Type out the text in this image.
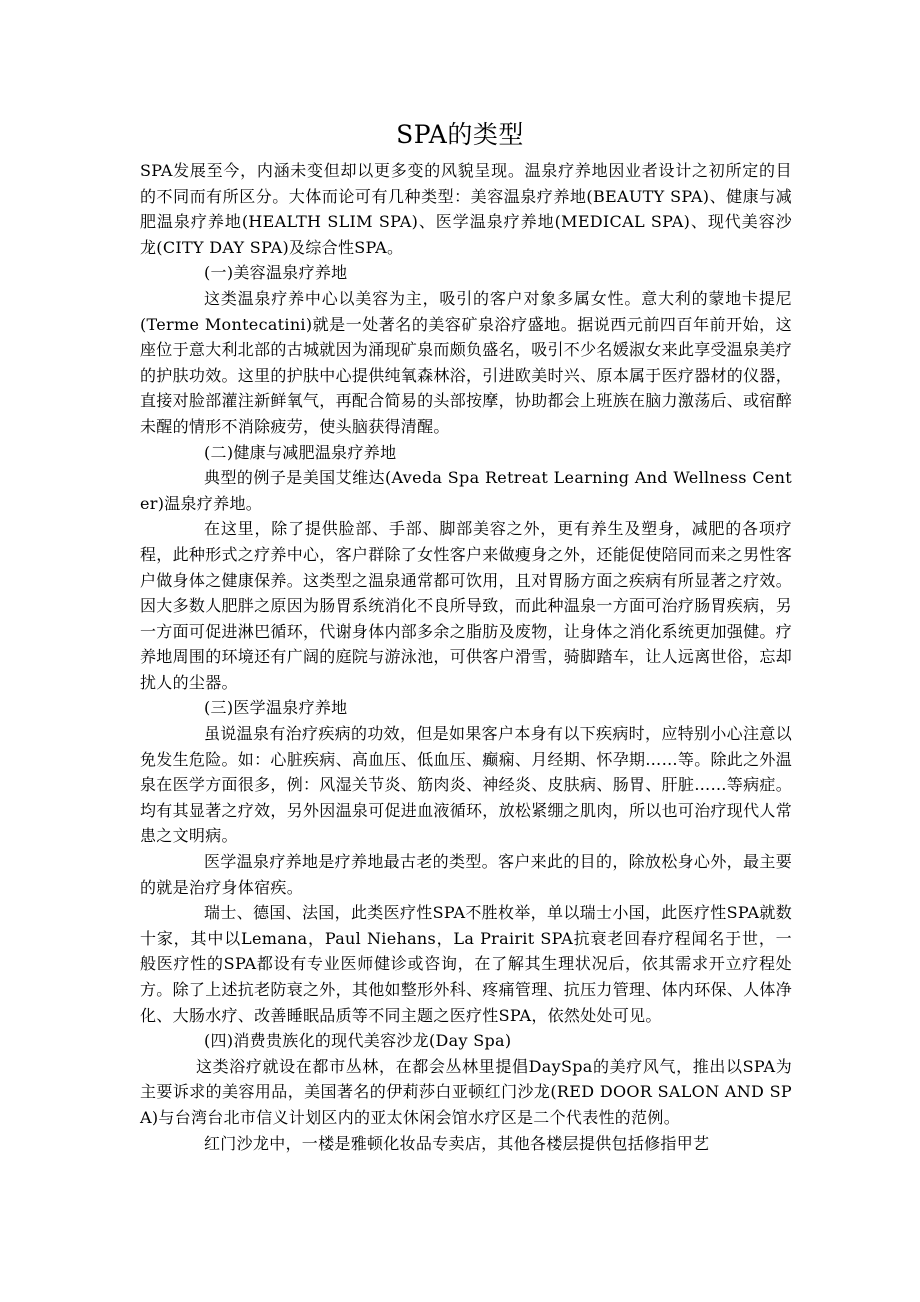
SPA的类型

SPA发展至今，内涵未变但却以更多变的风貌呈现。温泉疗养地因业者设计之初所定的目的不同而有所区分。大体而论可有几种类型：美容温泉疗养地(BEAUTY SPA)、健康与减肥温泉疗养地(HEALTH SLIM SPA)、医学温泉疗养地(MEDICAL SPA)、现代美容沙龙(CITY DAY SPA)及综合性SPA。

(一)美容温泉疗养地

这类温泉疗养中心以美容为主，吸引的客户对象多属女性。意大利的蒙地卡提尼(Terme Montecatini)就是一处著名的美容矿泉浴疗盛地。据说西元前四百年前开始，这座位于意大利北部的古城就因为涌现矿泉而颇负盛名，吸引不少名媛淑女来此享受温泉美疗的护肤功效。这里的护肤中心提供纯氧森林浴，引进欧美时兴、原本属于医疗器材的仪器，直接对脸部灌注新鲜氧气，再配合简易的头部按摩，协助都会上班族在脑力激荡后、或宿醉未醒的情形不消除疲劳，使头脑获得清醒。

(二)健康与减肥温泉疗养地

典型的例子是美国艾维达(Aveda Spa Retreat Learning And Wellness Center)温泉疗养地。

在这里，除了提供脸部、手部、脚部美容之外，更有养生及塑身，减肥的各项疗程，此种形式之疗养中心，客户群除了女性客户来做瘦身之外，还能促使陪同而来之男性客户做身体之健康保养。这类型之温泉通常都可饮用，且对胃肠方面之疾病有所显著之疗效。因大多数人肥胖之原因为肠胃系统消化不良所导致，而此种温泉一方面可治疗肠胃疾病，另一方面可促进淋巴循环，代谢身体内部多余之脂肪及废物，让身体之消化系统更加强健。疗养地周围的环境还有广阔的庭院与游泳池，可供客户滑雪，骑脚踏车，让人远离世俗，忘却扰人的尘器。

(三)医学温泉疗养地

虽说温泉有治疗疾病的功效，但是如果客户本身有以下疾病时，应特别小心注意以免发生危险。如：心脏疾病、高血压、低血压、癫痫、月经期、怀孕期……等。除此之外温泉在医学方面很多，例：风湿关节炎、筋肉炎、神经炎、皮肤病、肠胃、肝脏……等病症。均有其显著之疗效，另外因温泉可促进血液循环，放松紧绷之肌肉，所以也可治疗现代人常患之文明病。

医学温泉疗养地是疗养地最古老的类型。客户来此的目的，除放松身心外，最主要的就是治疗身体宿疾。

瑞士、德国、法国，此类医疗性SPA不胜枚举，单以瑞士小国，此医疗性SPA就数十家，其中以Lemana，Paul Niehans，La Prairit SPA抗衰老回春疗程闻名于世，一般医疗性的SPA都设有专业医师健诊或咨询，在了解其生理状况后，依其需求开立疗程处方。除了上述抗老防衰之外，其他如整形外科、疼痛管理、抗压力管理、体内环保、人体净化、大肠水疗、改善睡眠品质等不同主题之医疗性SPA，依然处处可见。

(四)消费贵族化的现代美容沙龙(Day Spa)

这类浴疗就设在都市丛林，在都会丛林里提倡DaySpa的美疗风气，推出以SPA为主要诉求的美容用品，美国著名的伊莉莎白亚顿红门沙龙(RED DOOR SALON AND SPA)与台湾台北市信义计划区内的亚太休闲会馆水疗区是二个代表性的范例。

红门沙龙中，一楼是雅顿化妆品专卖店，其他各楼层提供包括修指甲艺
